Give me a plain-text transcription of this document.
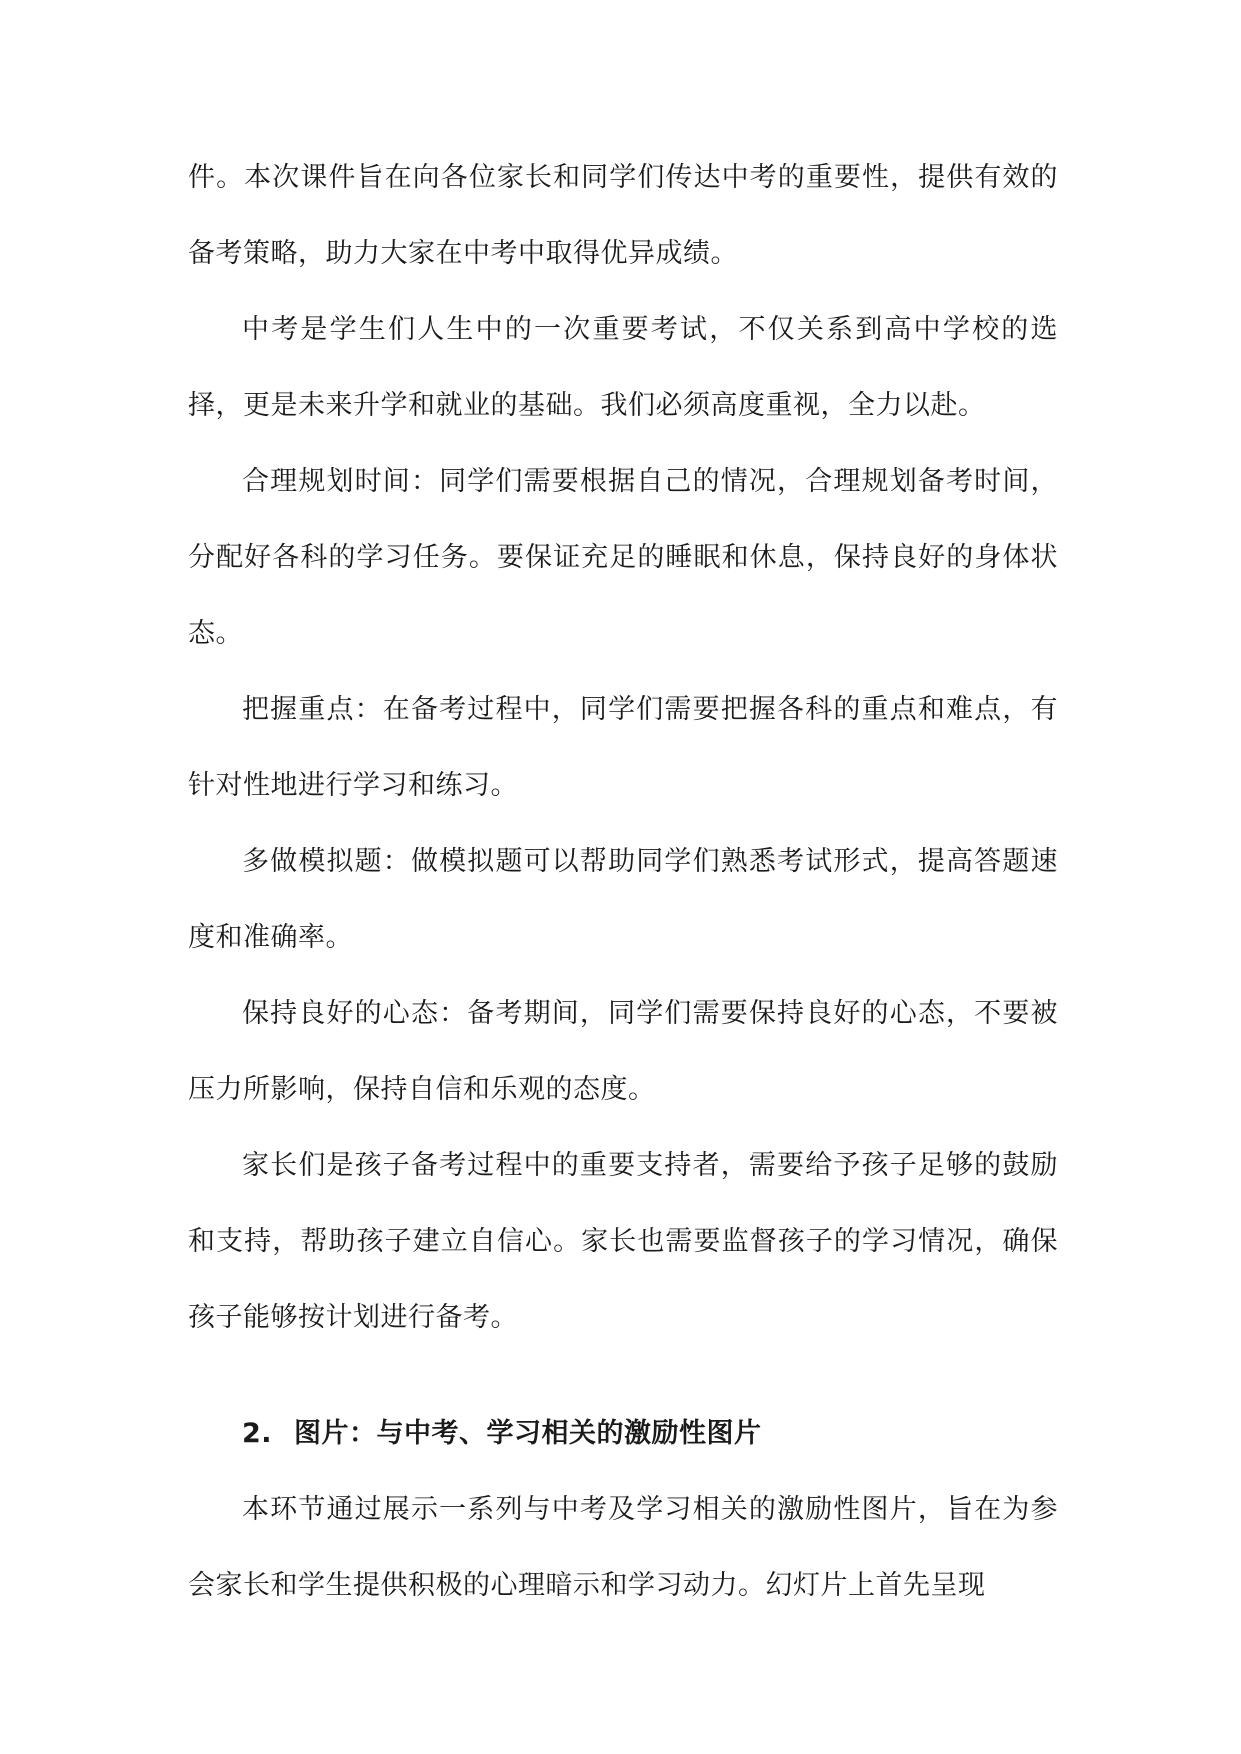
件。本次课件旨在向各位家长和同学们传达中考的重要性，提供有效的备考策略，助力大家在中考中取得优异成绩。

中考是学生们人生中的一次重要考试，不仅关系到高中学校的选择，更是未来升学和就业的基础。我们必须高度重视，全力以赴。

合理规划时间：同学们需要根据自己的情况，合理规划备考时间，分配好各科的学习任务。要保证充足的睡眠和休息，保持良好的身体状态。

把握重点：在备考过程中，同学们需要把握各科的重点和难点，有针对性地进行学习和练习。

多做模拟题：做模拟题可以帮助同学们熟悉考试形式，提高答题速度和准确率。

保持良好的心态：备考期间，同学们需要保持良好的心态，不要被压力所影响，保持自信和乐观的态度。

家长们是孩子备考过程中的重要支持者，需要给予孩子足够的鼓励和支持，帮助孩子建立自信心。家长也需要监督孩子的学习情况，确保孩子能够按计划进行备考。

2. 图片：与中考、学习相关的激励性图片

本环节通过展示一系列与中考及学习相关的激励性图片，旨在为参会家长和学生提供积极的心理暗示和学习动力。幻灯片上首先呈现
